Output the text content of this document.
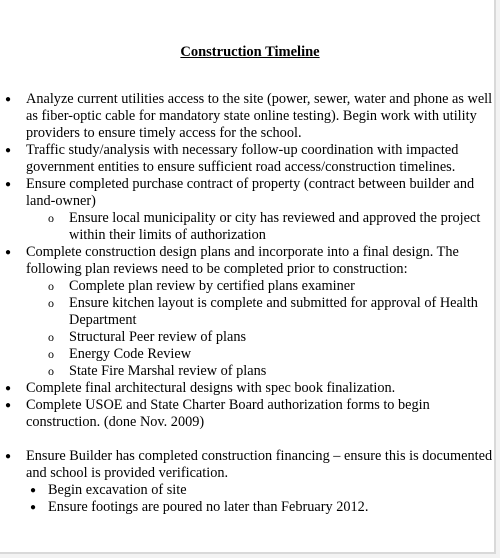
Construction Timeline
● Analyze current utilities access to the site (power, sewer, water and phone as well as fiber-optic cable for mandatory state online testing). Begin work with utility providers to ensure timely access for the school.
● Traffic study/analysis with necessary follow-up coordination with impacted government entities to ensure sufficient road access/construction timelines.
● Ensure completed purchase contract of property (contract between builder and land-owner)
o Ensure local municipality or city has reviewed and approved the project within their limits of authorization
● Complete construction design plans and incorporate into a final design. The following plan reviews need to be completed prior to construction:
o Complete plan review by certified plans examiner
o Ensure kitchen layout is complete and submitted for approval of Health Department
o Structural Peer review of plans
o Energy Code Review
o State Fire Marshal review of plans
● Complete final architectural designs with spec book finalization.
● Complete USOE and State Charter Board authorization forms to begin construction. (done Nov. 2009)
● Ensure Builder has completed construction financing – ensure this is documented and school is provided verification.
● Begin excavation of site
● Ensure footings are poured no later than February 2012.
